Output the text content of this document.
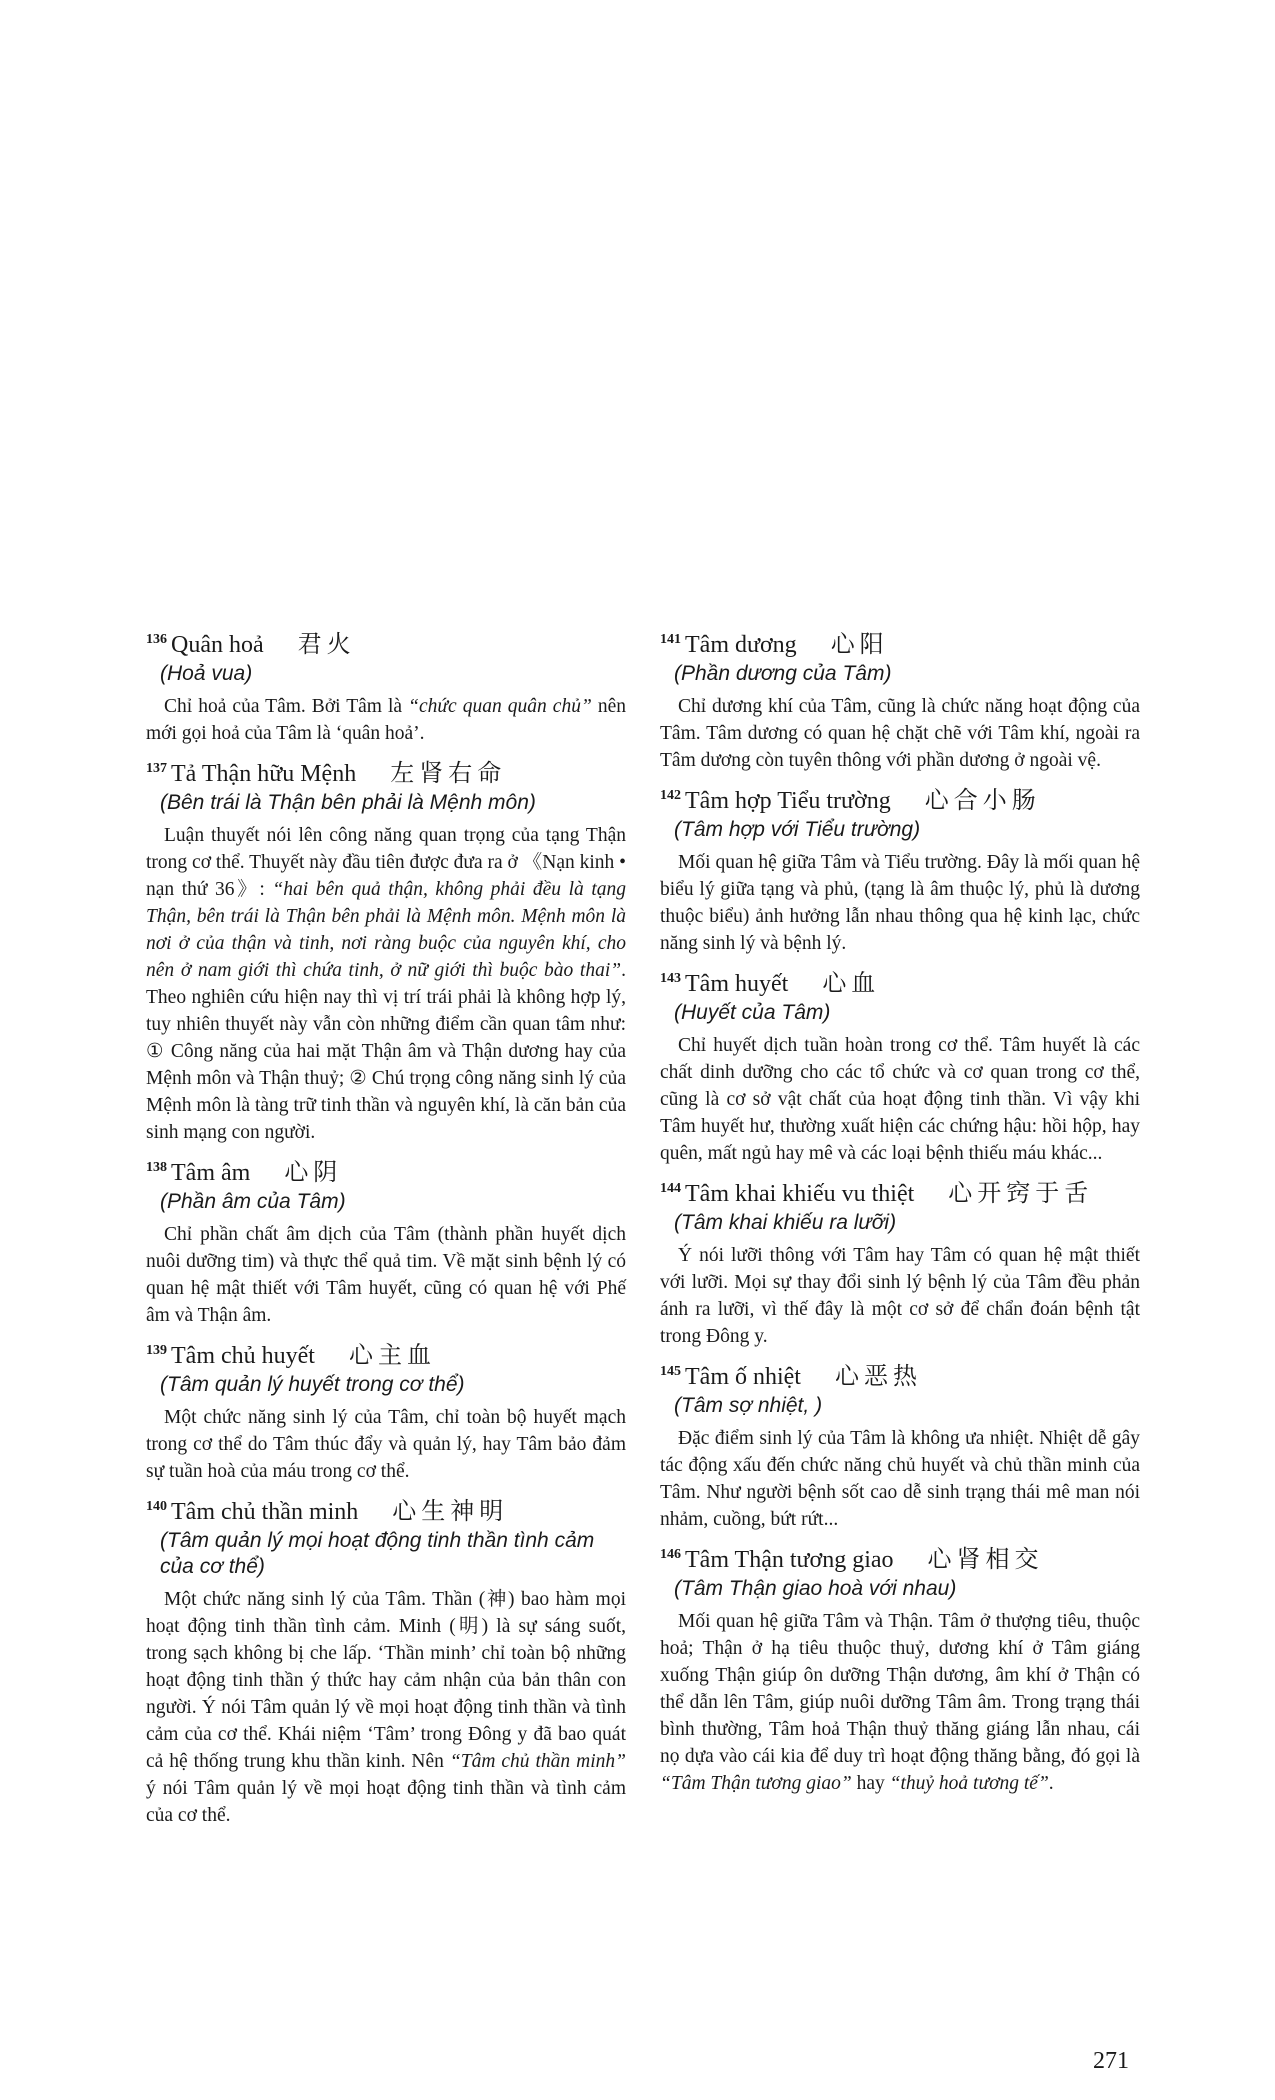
$^{136}$ Quân hoả 君火
(Hoả vua)

Chỉ hoả của Tâm. Bởi Tâm là “chức quan quân chủ” nên mới gọi hoả của Tâm là ‘quân hoả’.

$^{137}$ Tả Thận hữu Mệnh 左肾右命
(Bên trái là Thận bên phải là Mệnh môn)

Luận thuyết nói lên công năng quan trọng của tạng Thận trong cơ thể. Thuyết này đầu tiên được đưa ra ở 《Nạn kinh • nạn thứ 36》: “hai bên quả thận, không phải đều là tạng Thận, bên trái là Thận bên phải là Mệnh môn. Mệnh môn là nơi ở của thận và tinh, nơi ràng buộc của nguyên khí, cho nên ở nam giới thì chứa tinh, ở nữ giới thì buộc bào thai”. Theo nghiên cứu hiện nay thì vị trí trái phải là không hợp lý, tuy nhiên thuyết này vẫn còn những điểm cần quan tâm như: ① Công năng của hai mặt Thận âm và Thận dương hay của Mệnh môn và Thận thuỷ; ② Chú trọng công năng sinh lý của Mệnh môn là tàng trữ tinh thần và nguyên khí, là căn bản của sinh mạng con người.

$^{138}$ Tâm âm 心阴
(Phần âm của Tâm)

Chỉ phần chất âm dịch của Tâm (thành phần huyết dịch nuôi dưỡng tim) và thực thể quả tim. Về mặt sinh bệnh lý có quan hệ mật thiết với Tâm huyết, cũng có quan hệ với Phế âm và Thận âm.

$^{139}$ Tâm chủ huyết 心主血
(Tâm quản lý huyết trong cơ thể)

Một chức năng sinh lý của Tâm, chỉ toàn bộ huyết mạch trong cơ thể do Tâm thúc đẩy và quản lý, hay Tâm bảo đảm sự tuần hoà của máu trong cơ thể.

$^{140}$ Tâm chủ thần minh 心生神明
(Tâm quản lý mọi hoạt động tinh thần tình cảm của cơ thể)

Một chức năng sinh lý của Tâm. Thần (神) bao hàm mọi hoạt động tinh thần tình cảm. Minh (明) là sự sáng suốt, trong sạch không bị che lấp. ‘Thần minh’ chỉ toàn bộ những hoạt động tinh thần ý thức hay cảm nhận của bản thân con người. Ý nói Tâm quản lý về mọi hoạt động tinh thần và tình cảm của cơ thể. Khái niệm ‘Tâm’ trong Đông y đã bao quát cả hệ thống trung khu thần kinh. Nên “Tâm chủ thần minh” ý nói Tâm quản lý về mọi hoạt động tinh thần và tình cảm của cơ thể.

$^{141}$ Tâm dương 心阳
(Phần dương của Tâm)

Chỉ dương khí của Tâm, cũng là chức năng hoạt động của Tâm. Tâm dương có quan hệ chặt chẽ với Tâm khí, ngoài ra Tâm dương còn tuyên thông với phần dương ở ngoài vệ.

$^{142}$ Tâm hợp Tiểu trường 心合小肠
(Tâm hợp với Tiểu trường)

Mối quan hệ giữa Tâm và Tiểu trường. Đây là mối quan hệ biểu lý giữa tạng và phủ, (tạng là âm thuộc lý, phủ là dương thuộc biểu) ảnh hưởng lẫn nhau thông qua hệ kinh lạc, chức năng sinh lý và bệnh lý.

$^{143}$ Tâm huyết 心血
(Huyết của Tâm)

Chỉ huyết dịch tuần hoàn trong cơ thể. Tâm huyết là các chất dinh dưỡng cho các tổ chức và cơ quan trong cơ thể, cũng là cơ sở vật chất của hoạt động tinh thần. Vì vậy khi Tâm huyết hư, thường xuất hiện các chứng hậu: hồi hộp, hay quên, mất ngủ hay mê và các loại bệnh thiếu máu khác...

$^{144}$ Tâm khai khiếu vu thiệt 心开窍于舌
(Tâm khai khiếu ra lưỡi)

Ý nói lưỡi thông với Tâm hay Tâm có quan hệ mật thiết với lưỡi. Mọi sự thay đổi sinh lý bệnh lý của Tâm đều phản ánh ra lưỡi, vì thế đây là một cơ sở để chẩn đoán bệnh tật trong Đông y.

$^{145}$ Tâm ố nhiệt 心恶热
(Tâm sợ nhiệt, )

Đặc điểm sinh lý của Tâm là không ưa nhiệt. Nhiệt dễ gây tác động xấu đến chức năng chủ huyết và chủ thần minh của Tâm. Như người bệnh sốt cao dễ sinh trạng thái mê man nói nhảm, cuồng, bứt rứt...

$^{146}$ Tâm Thận tương giao 心肾相交
(Tâm Thận giao hoà với nhau)

Mối quan hệ giữa Tâm và Thận. Tâm ở thượng tiêu, thuộc hoả; Thận ở hạ tiêu thuộc thuỷ, dương khí ở Tâm giáng xuống Thận giúp ôn dưỡng Thận dương, âm khí ở Thận có thể dẫn lên Tâm, giúp nuôi dưỡng Tâm âm. Trong trạng thái bình thường, Tâm hoả Thận thuỷ thăng giáng lẫn nhau, cái nọ dựa vào cái kia để duy trì hoạt động thăng bằng, đó gọi là “Tâm Thận tương giao” hay “thuỷ hoả tương tế”.

271
